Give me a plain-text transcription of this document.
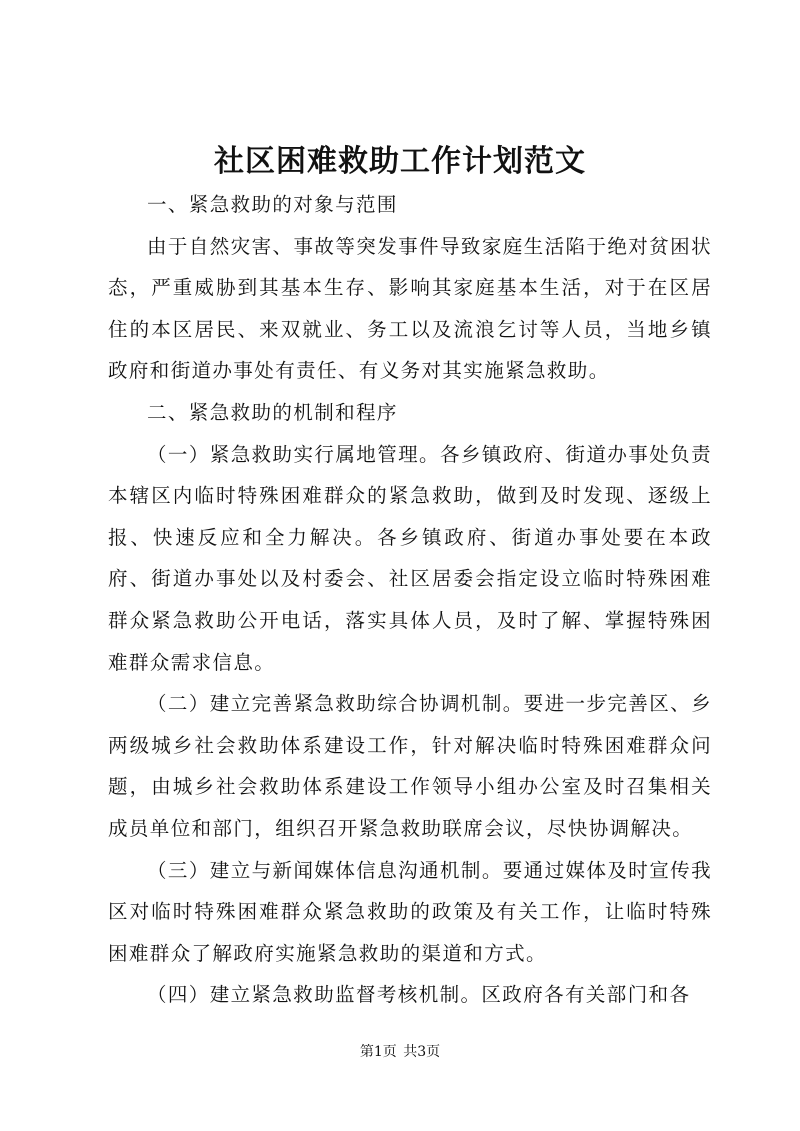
社区困难救助工作计划范文

一、紧急救助的对象与范围

由于自然灾害、事故等突发事件导致家庭生活陷于绝对贫困状态，严重威胁到其基本生存、影响其家庭基本生活，对于在区居住的本区居民、来双就业、务工以及流浪乞讨等人员，当地乡镇政府和街道办事处有责任、有义务对其实施紧急救助。

二、紧急救助的机制和程序

（一）紧急救助实行属地管理。各乡镇政府、街道办事处负责本辖区内临时特殊困难群众的紧急救助，做到及时发现、逐级上报、快速反应和全力解决。各乡镇政府、街道办事处要在本政府、街道办事处以及村委会、社区居委会指定设立临时特殊困难群众紧急救助公开电话，落实具体人员，及时了解、掌握特殊困难群众需求信息。

（二）建立完善紧急救助综合协调机制。要进一步完善区、乡两级城乡社会救助体系建设工作，针对解决临时特殊困难群众问题，由城乡社会救助体系建设工作领导小组办公室及时召集相关成员单位和部门，组织召开紧急救助联席会议，尽快协调解决。

（三）建立与新闻媒体信息沟通机制。要通过媒体及时宣传我区对临时特殊困难群众紧急救助的政策及有关工作，让临时特殊困难群众了解政府实施紧急救助的渠道和方式。

（四）建立紧急救助监督考核机制。区政府各有关部门和各

第1页 共3页
